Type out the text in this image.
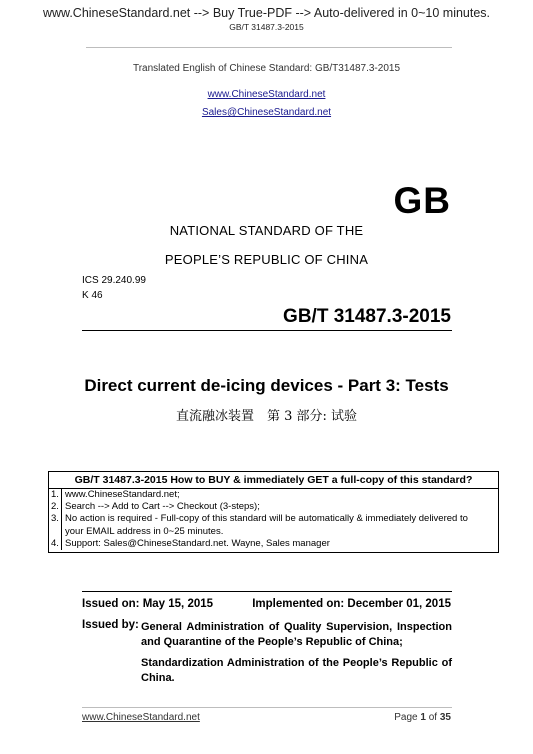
www.ChineseStandard.net --> Buy True-PDF --> Auto-delivered in 0~10 minutes.
GB/T 31487.3-2015
Translated English of Chinese Standard: GB/T31487.3-2015
www.ChineseStandard.net
Sales@ChineseStandard.net
GB
NATIONAL STANDARD OF THE
PEOPLE’S REPUBLIC OF CHINA
ICS 29.240.99
K 46
GB/T 31487.3-2015
Direct current de-icing devices - Part 3: Tests
直流融冰装置　第 3 部分: 试验
GB/T 31487.3-2015 How to BUY & immediately GET a full-copy of this standard?
1. www.ChineseStandard.net;
2. Search --> Add to Cart --> Checkout (3-steps);
3. No action is required - Full-copy of this standard will be automatically & immediately delivered to
your EMAIL address in 0~25 minutes.
4. Support: Sales@ChineseStandard.net. Wayne, Sales manager
Issued on: May 15, 2015	Implemented on: December 01, 2015
Issued by: General Administration of Quality Supervision, Inspection and Quarantine of the People’s Republic of China;
Standardization Administration of the People’s Republic of China.
www.ChineseStandard.net	Page 1 of 35
